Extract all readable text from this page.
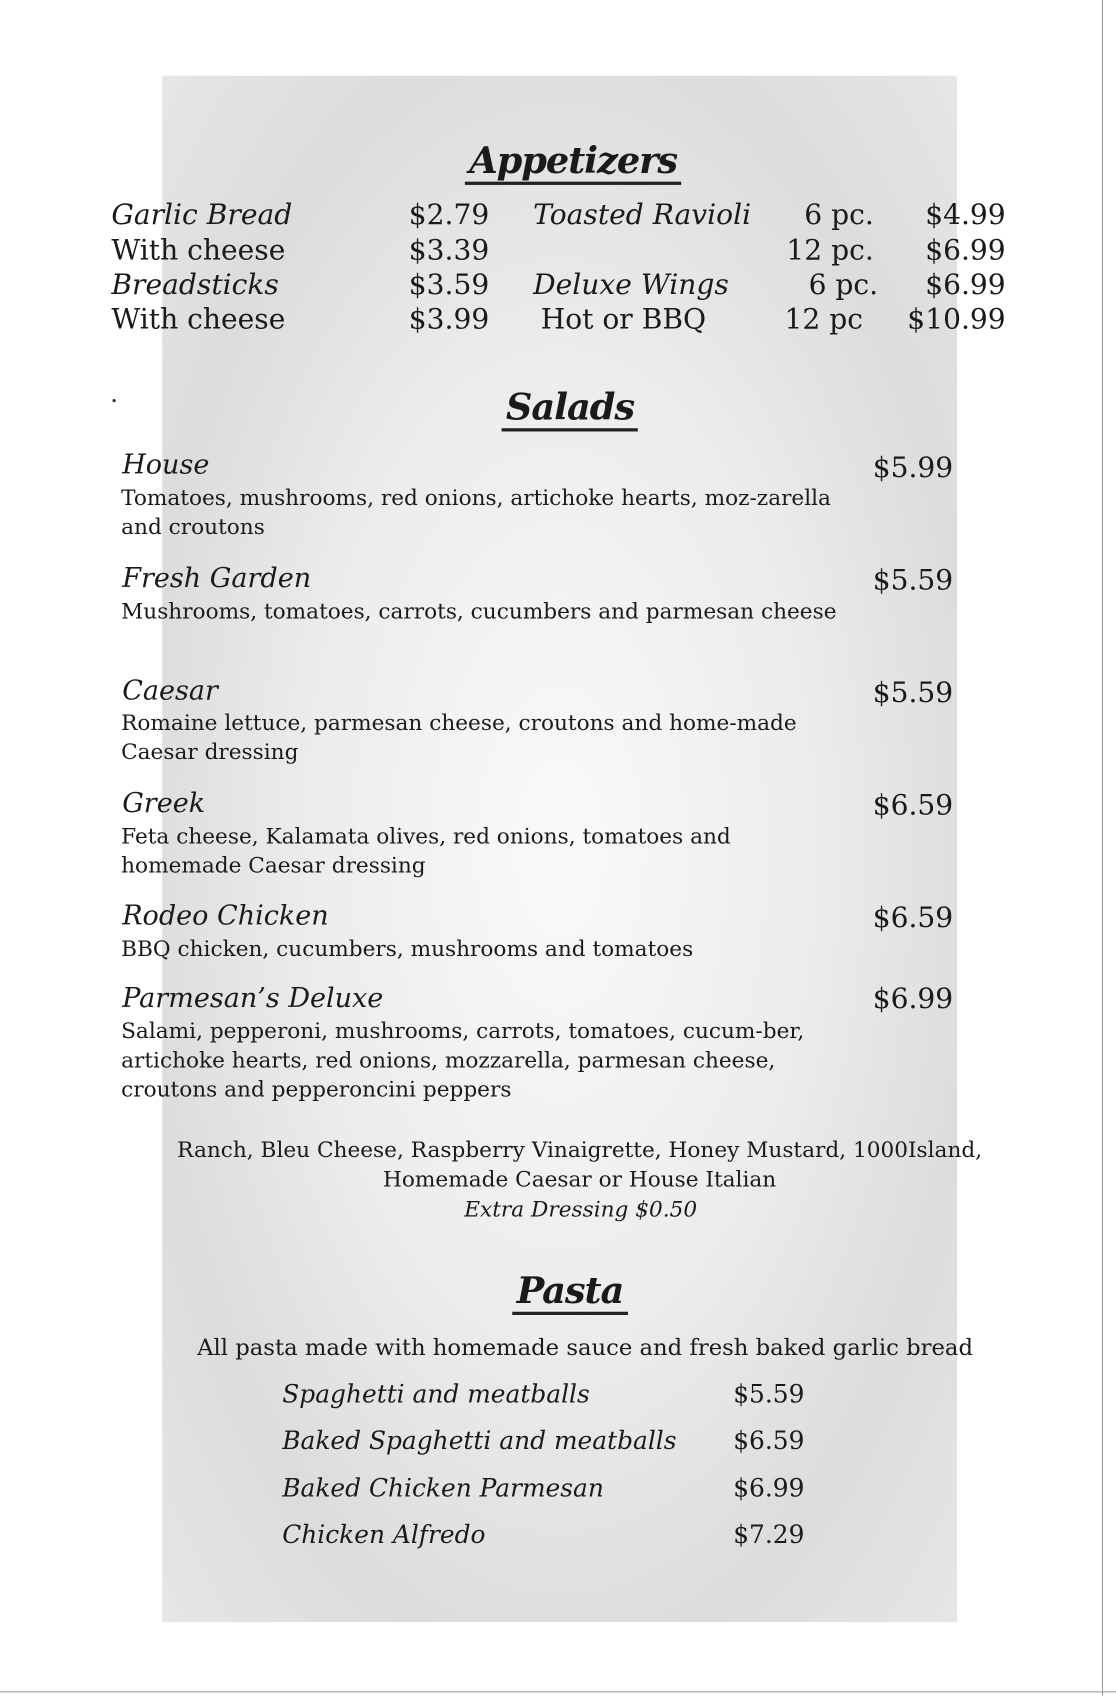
Appetizers
Garlic Bread	$2.79
With cheese	$3.39
Breadsticks	$3.59
With cheese	$3.99
Toasted Ravioli 6 pc. $4.99
12 pc. $6.99
Deluxe Wings	6 pc. $6.99
Hot or BBQ	12 pc $10.99
Salads
House	$5.99
Tomatoes, mushrooms, red onions, artichoke hearts, moz-zarella and croutons
Fresh Garden	$5.59
Mushrooms, tomatoes, carrots, cucumbers and parmesan cheese
Caesar	$5.59
Romaine lettuce, parmesan cheese, croutons and home-made Caesar dressing
Greek	$6.59
Feta cheese, Kalamata olives, red onions, tomatoes and homemade Caesar dressing
Rodeo Chicken	$6.59
BBQ chicken, cucumbers, mushrooms and tomatoes
Parmesan’s Deluxe	$6.99
Salami, pepperoni, mushrooms, carrots, tomatoes, cucum-ber, artichoke hearts, red onions, mozzarella, parmesan cheese, croutons and pepperoncini peppers
Ranch, Bleu Cheese, Raspberry Vinaigrette, Honey Mustard, 1000Island,
Homemade Caesar or House Italian
Extra Dressing $0.50
Pasta
All pasta made with homemade sauce and fresh baked garlic bread
Spaghetti and meatballs	$5.59
Baked Spaghetti and meatballs $6.59
Baked Chicken Parmesan	$6.99
Chicken Alfredo	$7.29
